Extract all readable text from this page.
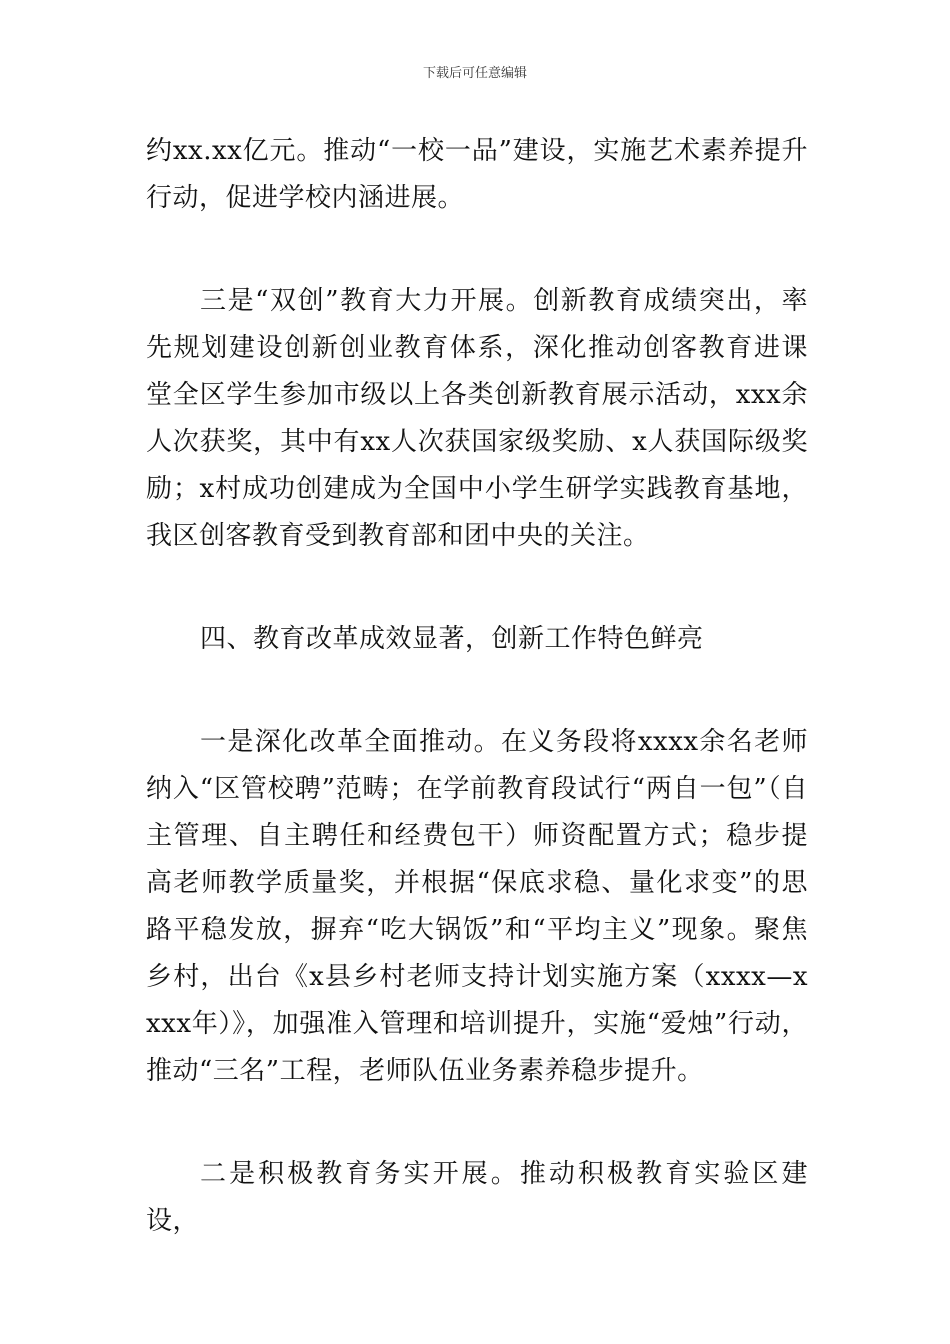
下载后可任意编辑

约xx.xx亿元。推动“一校一品”建设，实施艺术素养提升行动，促进学校内涵进展。

三是“双创”教育大力开展。创新教育成绩突出，率先规划建设创新创业教育体系，深化推动创客教育进课堂全区学生参加市级以上各类创新教育展示活动，xxx余人次获奖，其中有xx人次获国家级奖励、x人获国际级奖励；x村成功创建成为全国中小学生研学实践教育基地，我区创客教育受到教育部和团中央的关注。

四、教育改革成效显著，创新工作特色鲜亮

一是深化改革全面推动。在义务段将xxxx余名老师纳入“区管校聘”范畴；在学前教育段试行“两自一包”（自主管理、自主聘任和经费包干）师资配置方式；稳步提高老师教学质量奖，并根据“保底求稳、量化求变”的思路平稳发放，摒弃“吃大锅饭”和“平均主义”现象。聚焦乡村，出台《x县乡村老师支持计划实施方案（xxxx—xxxx年）》，加强准入管理和培训提升，实施“爱烛”行动，推动“三名”工程，老师队伍业务素养稳步提升。

二是积极教育务实开展。推动积极教育实验区建设，
